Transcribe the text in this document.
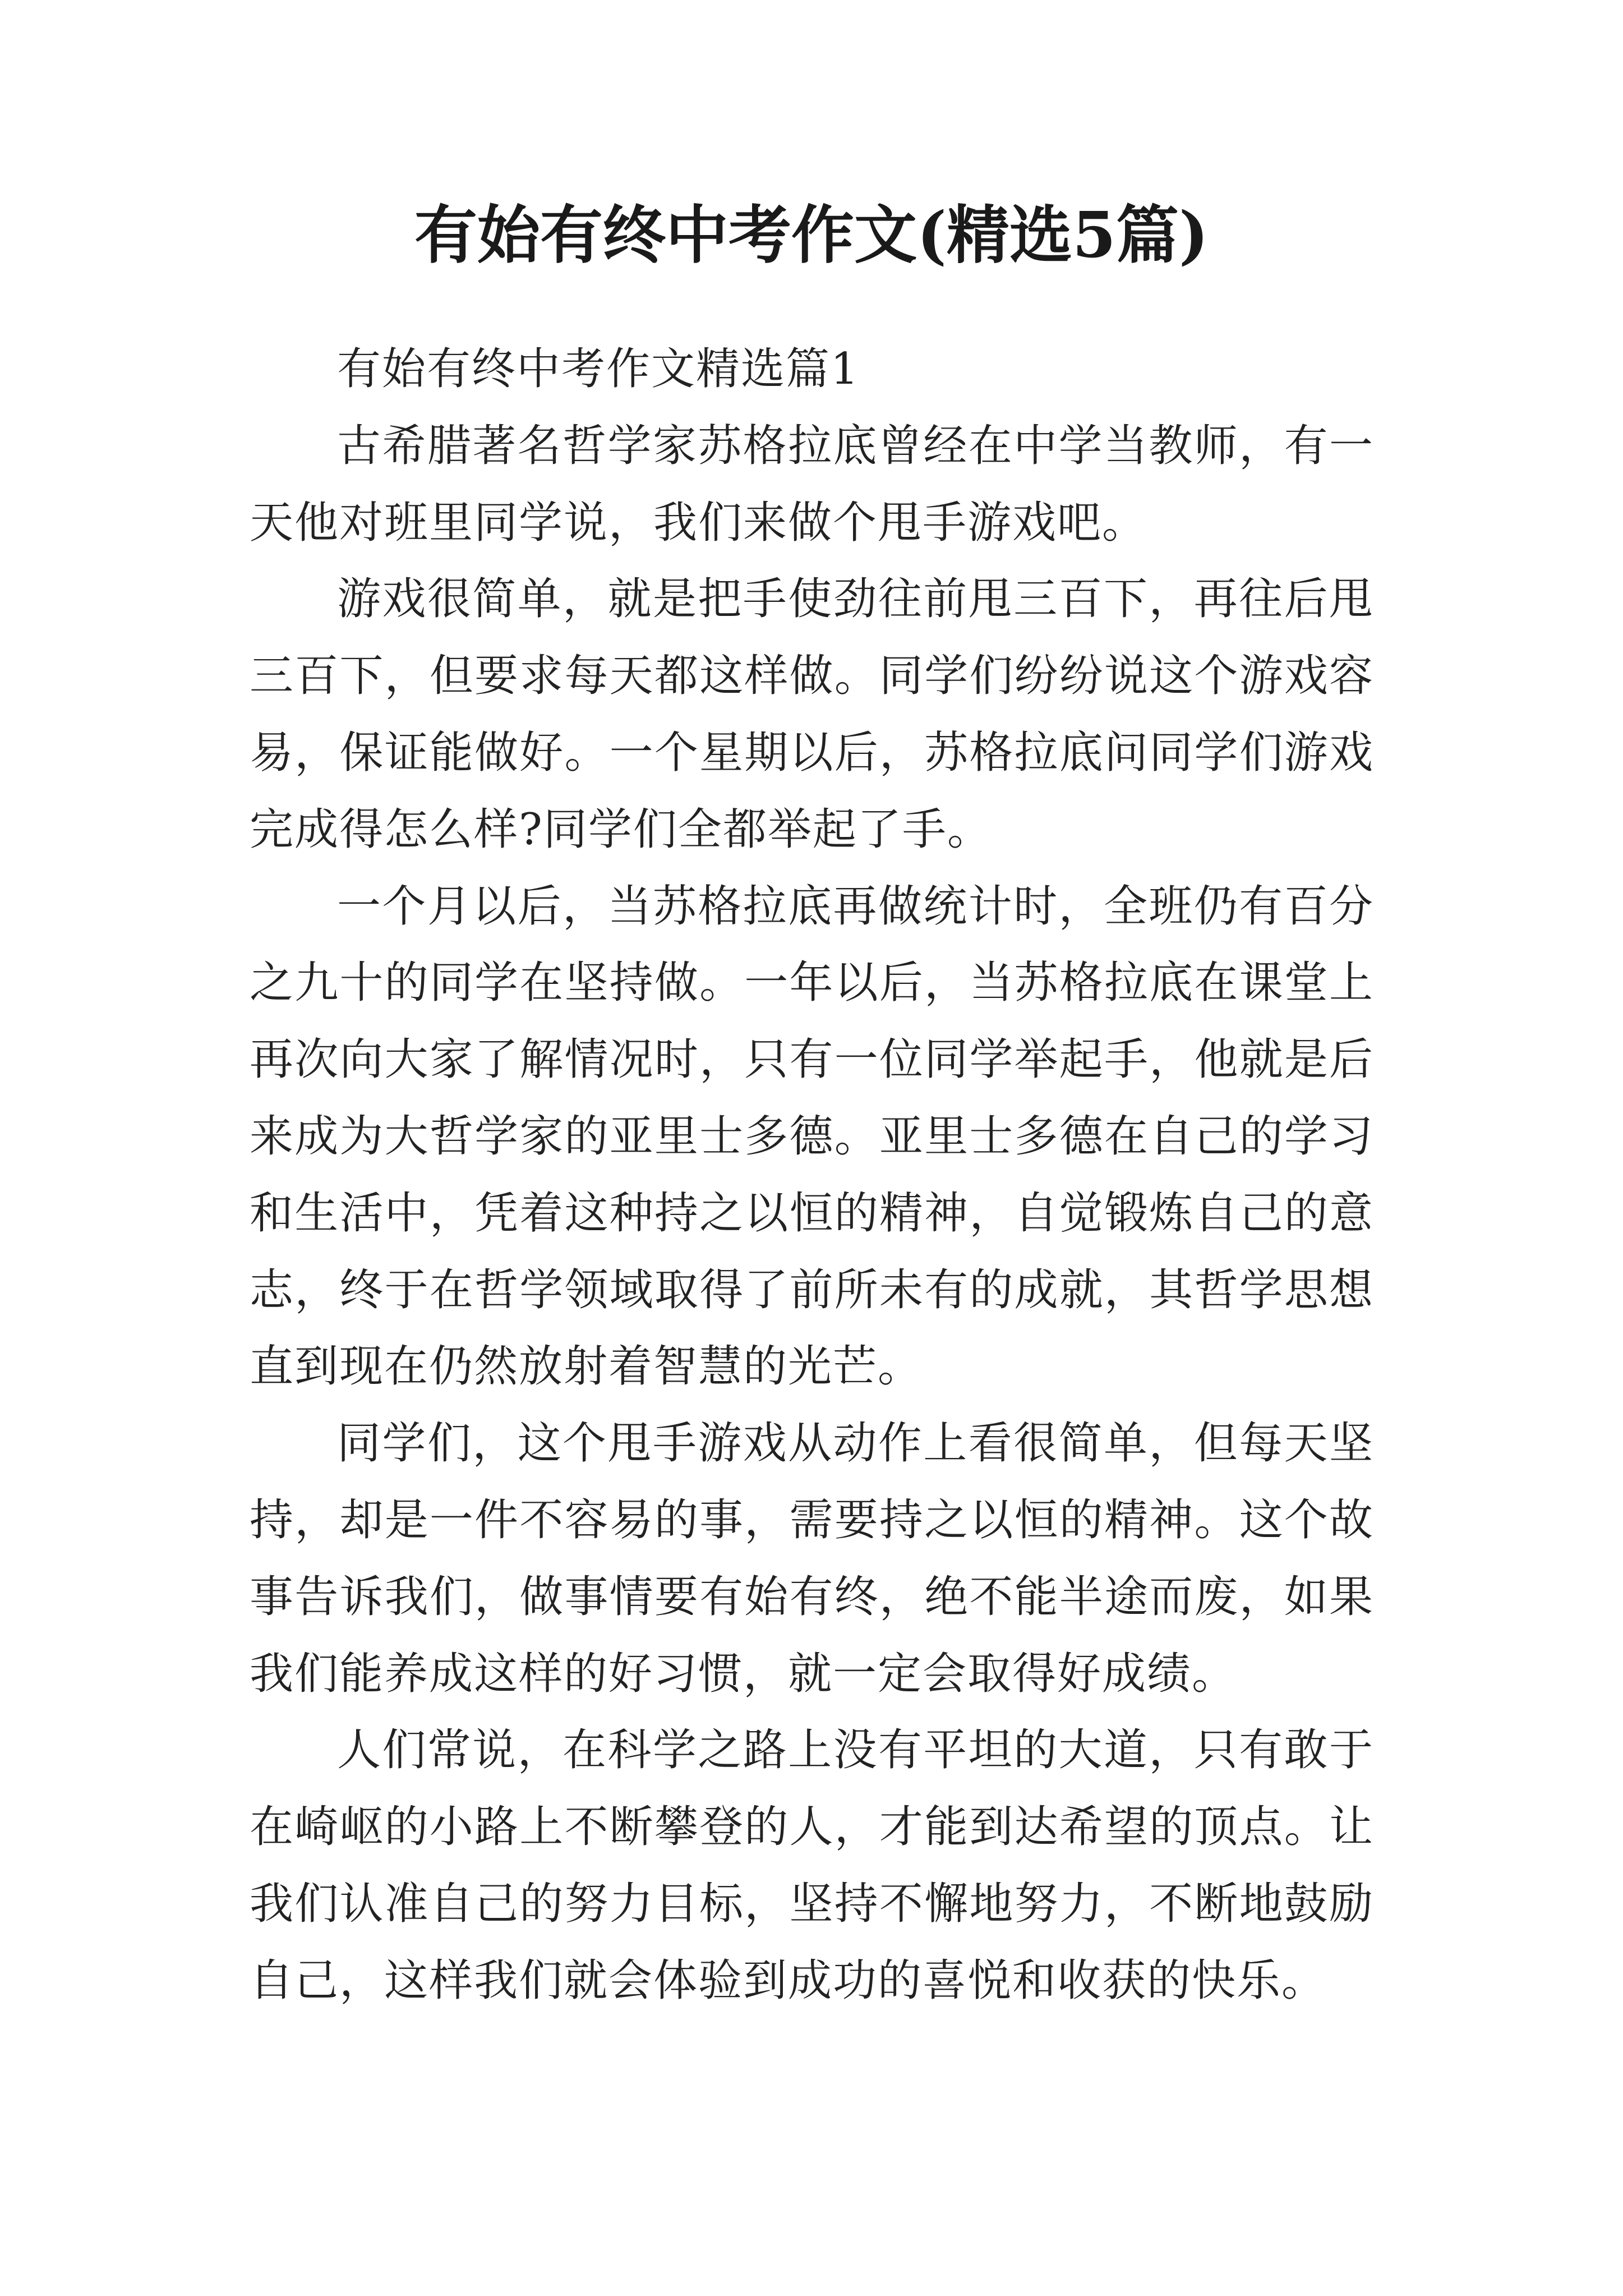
有始有终中考作文(精选5篇)

有始有终中考作文精选篇1

古希腊著名哲学家苏格拉底曾经在中学当教师，有一天他对班里同学说，我们来做个甩手游戏吧。

游戏很简单，就是把手使劲往前甩三百下，再往后甩三百下，但要求每天都这样做。同学们纷纷说这个游戏容易，保证能做好。一个星期以后，苏格拉底问同学们游戏完成得怎么样?同学们全都举起了手。

一个月以后，当苏格拉底再做统计时，全班仍有百分之九十的同学在坚持做。一年以后，当苏格拉底在课堂上再次向大家了解情况时，只有一位同学举起手，他就是后来成为大哲学家的亚里士多德。亚里士多德在自己的学习和生活中，凭着这种持之以恒的精神，自觉锻炼自己的意志，终于在哲学领域取得了前所未有的成就，其哲学思想直到现在仍然放射着智慧的光芒。

同学们，这个甩手游戏从动作上看很简单，但每天坚持，却是一件不容易的事，需要持之以恒的精神。这个故事告诉我们，做事情要有始有终，绝不能半途而废，如果我们能养成这样的好习惯，就一定会取得好成绩。

人们常说，在科学之路上没有平坦的大道，只有敢于在崎岖的小路上不断攀登的人，才能到达希望的顶点。让我们认准自己的努力目标，坚持不懈地努力，不断地鼓励自己，这样我们就会体验到成功的喜悦和收获的快乐。
